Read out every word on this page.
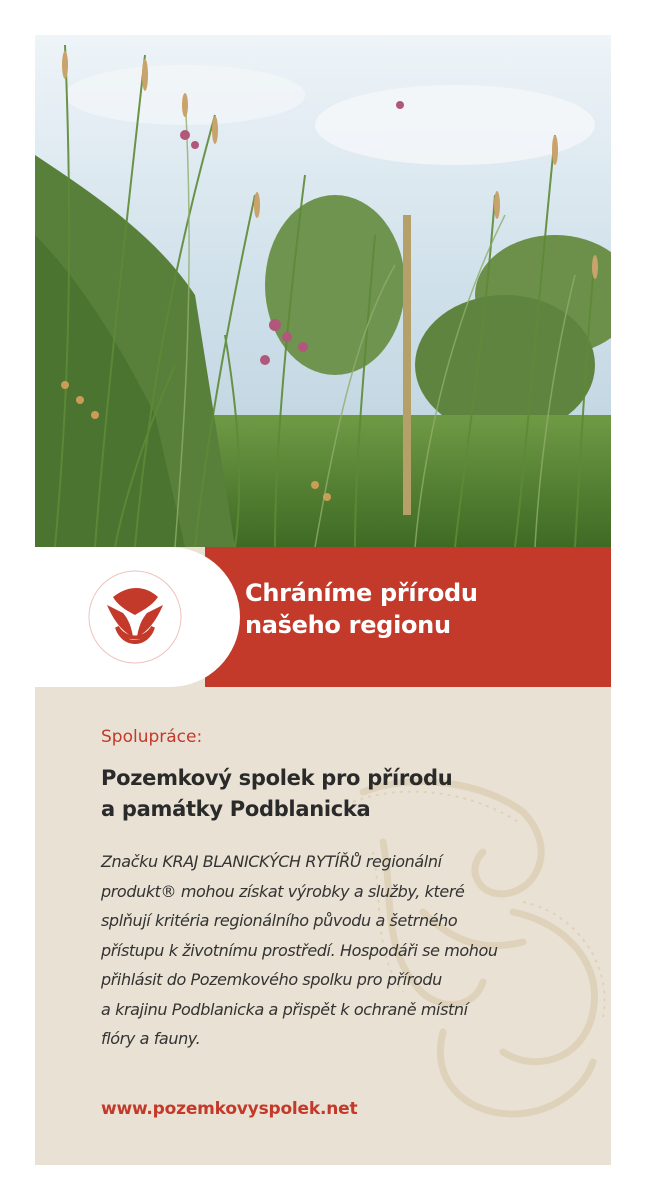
Chráníme přírodu
našeho regionu
Spolupráce:
Pozemkový spolek pro přírodu
a památky Podblanicka
Značku KRAJ BLANICKÝCH RYTÍŘŮ regionální
produkt® mohou získat výrobky a služby, které
splňují kritéria regionálního původu a šetrného
přístupu k životnímu prostředí. Hospodáři se mohou
přihlásit do Pozemkového spolku pro přírodu
a krajinu Podblanicka a přispět k ochraně místní
flóry a fauny.
www.pozemkovyspolek.net
